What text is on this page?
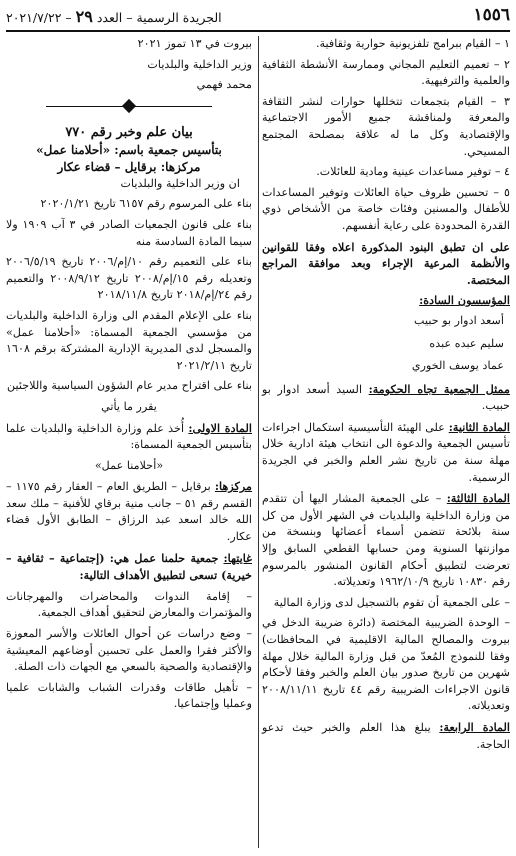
١٥٥٦
الجريدة الرسمية – العدد ٢٩ – ٢٠٢١/٧/٢٢

١ – القيام ببرامج تلفزيونية حوارية وثقافية.

٢ – تعميم التعليم المجاني وممارسة الأنشطة الثقافية والعلمية والترفيهية.

٣ – القيام بتجمعات تتخللها حوارات لنشر الثقافة والمعرفة ولمناقشة جميع الأمور الاجتماعية والإقتصادية وكل ما له علاقة بمصلحة المجتمع المسيحي.

٤ – توفير مساعدات عينية ومادية للعائلات.

٥ – تحسين ظروف حياة العائلات وتوفير المساعدات للأطفال والمسنين وفئات خاصة من الأشخاص ذوي القدرة المحدودة على رعاية أنفسهم.

على ان تطبق البنود المذكورة اعلاه وفقا للقوانين والأنظمة المرعية الإجراء وبعد موافقة المراجع المختصة.

المؤسسون السادة:

أسعد ادوار بو حبيب
سليم عبده عبده
عماد يوسف الخوري

ممثل الجمعية تجاه الحكومة: السيد أسعد ادوار بو حبيب.

المادة الثانية: على الهيئة التأسيسية استكمال اجراءات تأسيس الجمعية والدعوة الى انتخاب هيئة ادارية خلال مهلة سنة من تاريخ نشر العلم والخبر في الجريدة الرسمية.

المادة الثالثة: – على الجمعية المشار اليها أن تتقدم من وزارة الداخلية والبلديات في الشهر الأول من كل سنة بلائحة تتضمن أسماء أعضائها وبنسخة من موازنتها السنوية ومن حسابها القطعي السابق وإلا تعرضت لتطبيق أحكام القانون المنشور بالمرسوم رقم ١٠٨٣٠ تاريخ ١٩٦٢/١٠/٩ وتعديلاته.

– على الجمعية أن تقوم بالتسجيل لدى وزارة المالية

– الوحدة الضريبية المختصة (دائرة ضريبة الدخل في بيروت والمصالح المالية الاقليمية في المحافظات) وفقا للنموذج المُعدّ من قبل وزارة المالية خلال مهلة شهرين من تاريخ صدور بيان العلم والخبر وفقا لأحكام قانون الاجراءات الضريبية رقم ٤٤ تاريخ ٢٠٠٨/١١/١١ وتعديلاته.

المادة الرابعة: يبلغ هذا العلم والخبر حيث تدعو الحاجة.

بيروت في ١٣ تموز ٢٠٢١

وزير الداخلية والبلديات

محمد فهمي

بيان علم وخبر رقم ٧٧٠
بتأسيس جمعية باسم: «أحلامنا عمل»
مركزها: برقايل – قضاء عكار

ان وزير الداخلية والبلديات

بناء على المرسوم رقم ٦١٥٧ تاريخ ٢٠٢٠/١/٢١

بناء على قانون الجمعيات الصادر في ٣ آب ١٩٠٩ ولا سيما المادة السادسة منه

بناء على التعميم رقم ١٠/إم/٢٠٠٦ تاريخ ٢٠٠٦/٥/١٩ وتعديله رقم ١٥/إم/٢٠٠٨ تاريخ ٢٠٠٨/٩/١٢ والتعميم رقم ٢٤/إم/٢٠١٨ تاريخ ٢٠١٨/١١/٨

بناء على الإعلام المقدم الى وزارة الداخلية والبلديات من مؤسسي الجمعية المسماة: «أحلامنا عمل» والمسجل لدى المديرية الإدارية المشتركة برقم ١٦٠٨ تاريخ ٢٠٢١/٢/١١

بناء على اقتراح مدير عام الشؤون السياسية واللاجئين

يقرر ما يأتي

المادة الاولى: أُخذ علم وزارة الداخلية والبلديات علما بتأسيس الجمعية المسماة:

«أحلامنا عمل»

مركزها: برقايل – الطريق العام – العقار رقم ١١٧٥ – القسم رقم ٥١ – جانب منية برقاي للأفنية – ملك سعد الله خالد اسعد عبد الرزاق – الطابق الأول قضاء عكار.

غايتها: جمعية حلمنا عمل هي: (إجتماعية – ثقافية – خيرية) تسعى لتطبيق الأهداف التالية:

– إقامة الندوات والمحاضرات والمهرجانات والمؤتمرات والمعارض لتحقيق أهداف الجمعية.

– وضع دراسات عن أحوال العائلات والأسر المعوزة والأكثر فقرا والعمل على تحسين أوضاعهم المعيشية والإقتصادية والصحية بالسعي مع الجهات ذات الصلة.

– تأهيل طاقات وقدرات الشباب والشابات علميا وعمليا وإجتماعيا.
